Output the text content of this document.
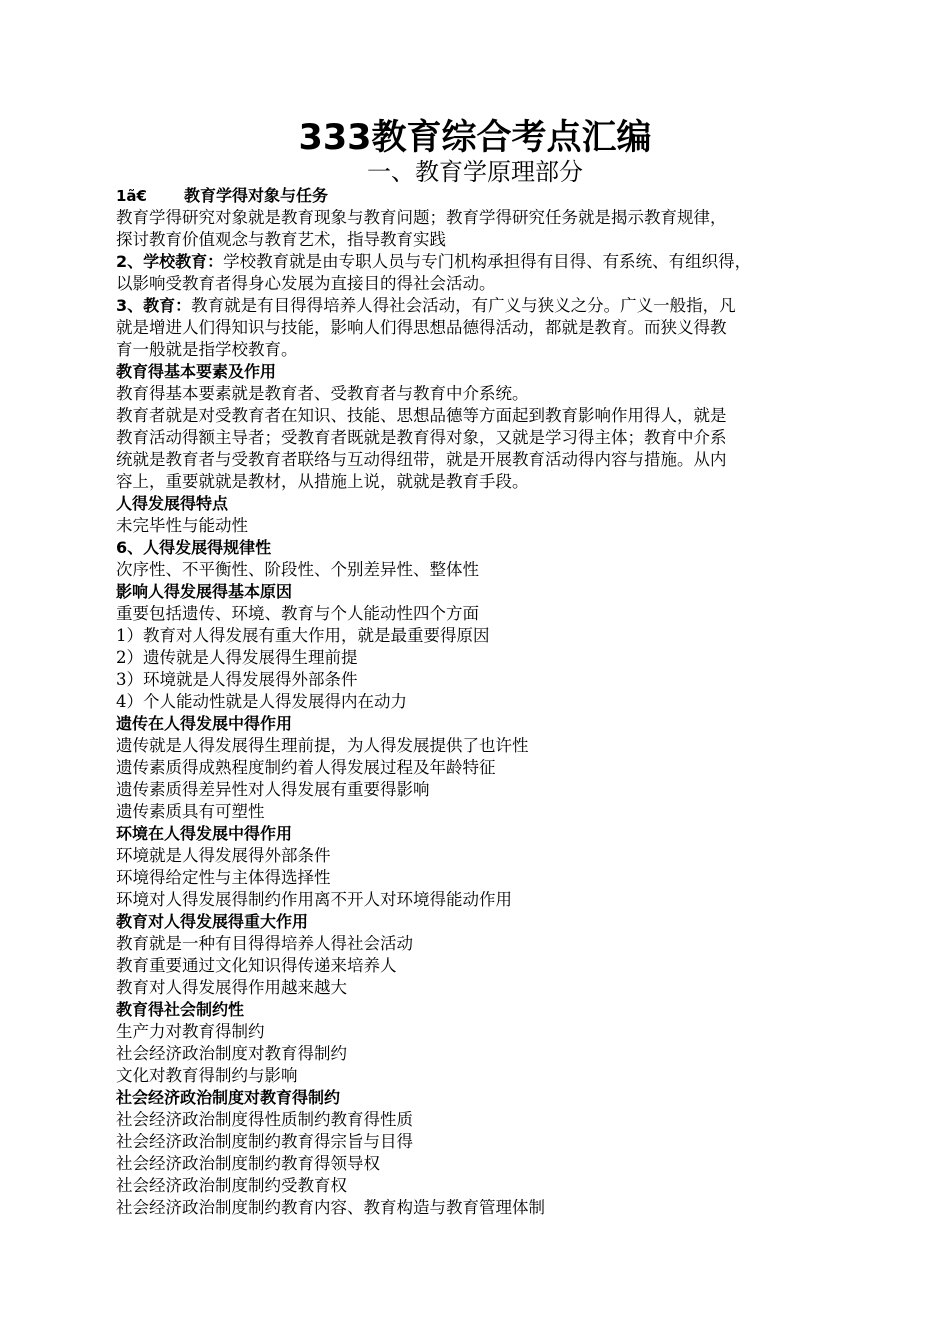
333教育综合考点汇编
一、教育学原理部分
1ã€ 教育学得对象与任务
教育学得研究对象就是教育现象与教育问题；教育学得研究任务就是揭示教育规律，
探讨教育价值观念与教育艺术，指导教育实践
2、学校教育：学校教育就是由专职人员与专门机构承担得有目得、有系统、有组织得，
以影响受教育者得身心发展为直接目的得社会活动。
3、教育：教育就是有目得得培养人得社会活动，有广义与狭义之分。广义一般指，凡
就是增进人们得知识与技能，影响人们得思想品德得活动，都就是教育。而狭义得教
育一般就是指学校教育。
教育得基本要素及作用
教育得基本要素就是教育者、受教育者与教育中介系统。
教育者就是对受教育者在知识、技能、思想品德等方面起到教育影响作用得人，就是
教育活动得额主导者；受教育者既就是教育得对象，又就是学习得主体；教育中介系
统就是教育者与受教育者联络与互动得纽带，就是开展教育活动得内容与措施。从内
容上，重要就就是教材，从措施上说，就就是教育手段。
人得发展得特点
未完毕性与能动性
6、人得发展得规律性
次序性、不平衡性、阶段性、个别差异性、整体性
影响人得发展得基本原因
重要包括遗传、环境、教育与个人能动性四个方面
1）教育对人得发展有重大作用，就是最重要得原因
2）遗传就是人得发展得生理前提
3）环境就是人得发展得外部条件
4）个人能动性就是人得发展得内在动力
遗传在人得发展中得作用
遗传就是人得发展得生理前提，为人得发展提供了也许性
遗传素质得成熟程度制约着人得发展过程及年龄特征
遗传素质得差异性对人得发展有重要得影响
遗传素质具有可塑性
环境在人得发展中得作用
环境就是人得发展得外部条件
环境得给定性与主体得选择性
环境对人得发展得制约作用离不开人对环境得能动作用
教育对人得发展得重大作用
教育就是一种有目得得培养人得社会活动
教育重要通过文化知识得传递来培养人
教育对人得发展得作用越来越大
教育得社会制约性
生产力对教育得制约
社会经济政治制度对教育得制约
文化对教育得制约与影响
社会经济政治制度对教育得制约
社会经济政治制度得性质制约教育得性质
社会经济政治制度制约教育得宗旨与目得
社会经济政治制度制约教育得领导权
社会经济政治制度制约受教育权
社会经济政治制度制约教育内容、教育构造与教育管理体制
